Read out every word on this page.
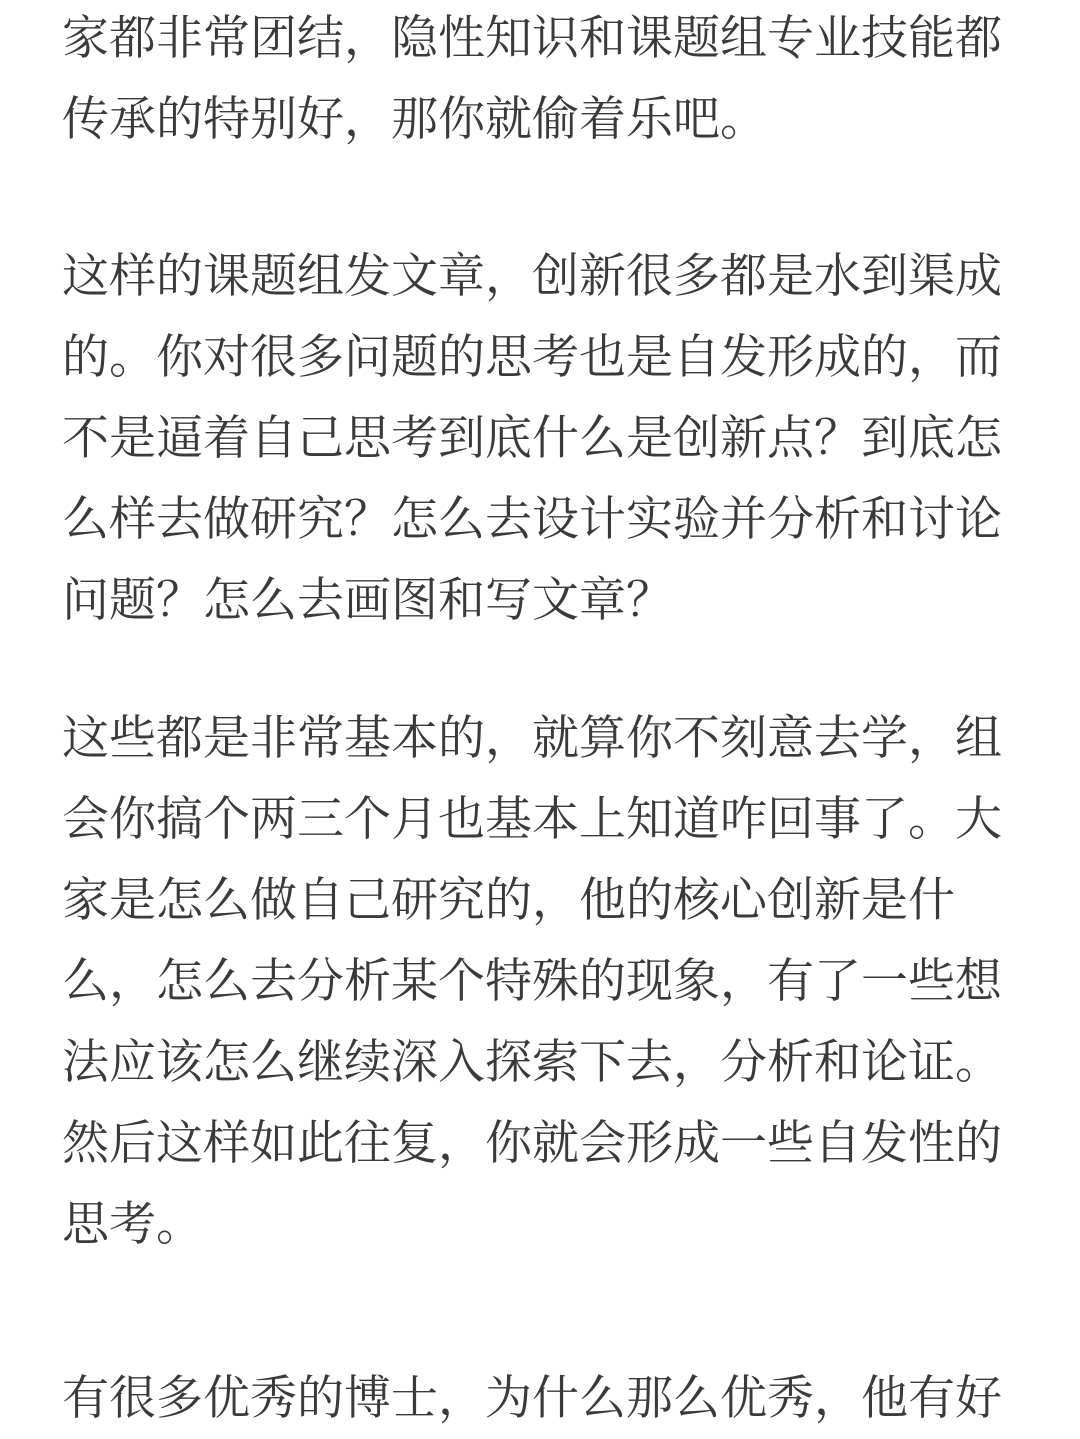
家都非常团结，隐性知识和课题组专业技能都
传承的特别好，那你就偷着乐吧。
这样的课题组发文章，创新很多都是水到渠成
的。你对很多问题的思考也是自发形成的，而
不是逼着自己思考到底什么是创新点？到底怎
么样去做研究？怎么去设计实验并分析和讨论
问题？怎么去画图和写文章？
这些都是非常基本的，就算你不刻意去学，组
会你搞个两三个月也基本上知道咋回事了。大
家是怎么做自己研究的，他的核心创新是什
么，怎么去分析某个特殊的现象，有了一些想
法应该怎么继续深入探索下去，分析和论证。
然后这样如此往复，你就会形成一些自发性的
思考。
有很多优秀的博士，为什么那么优秀，他有好
